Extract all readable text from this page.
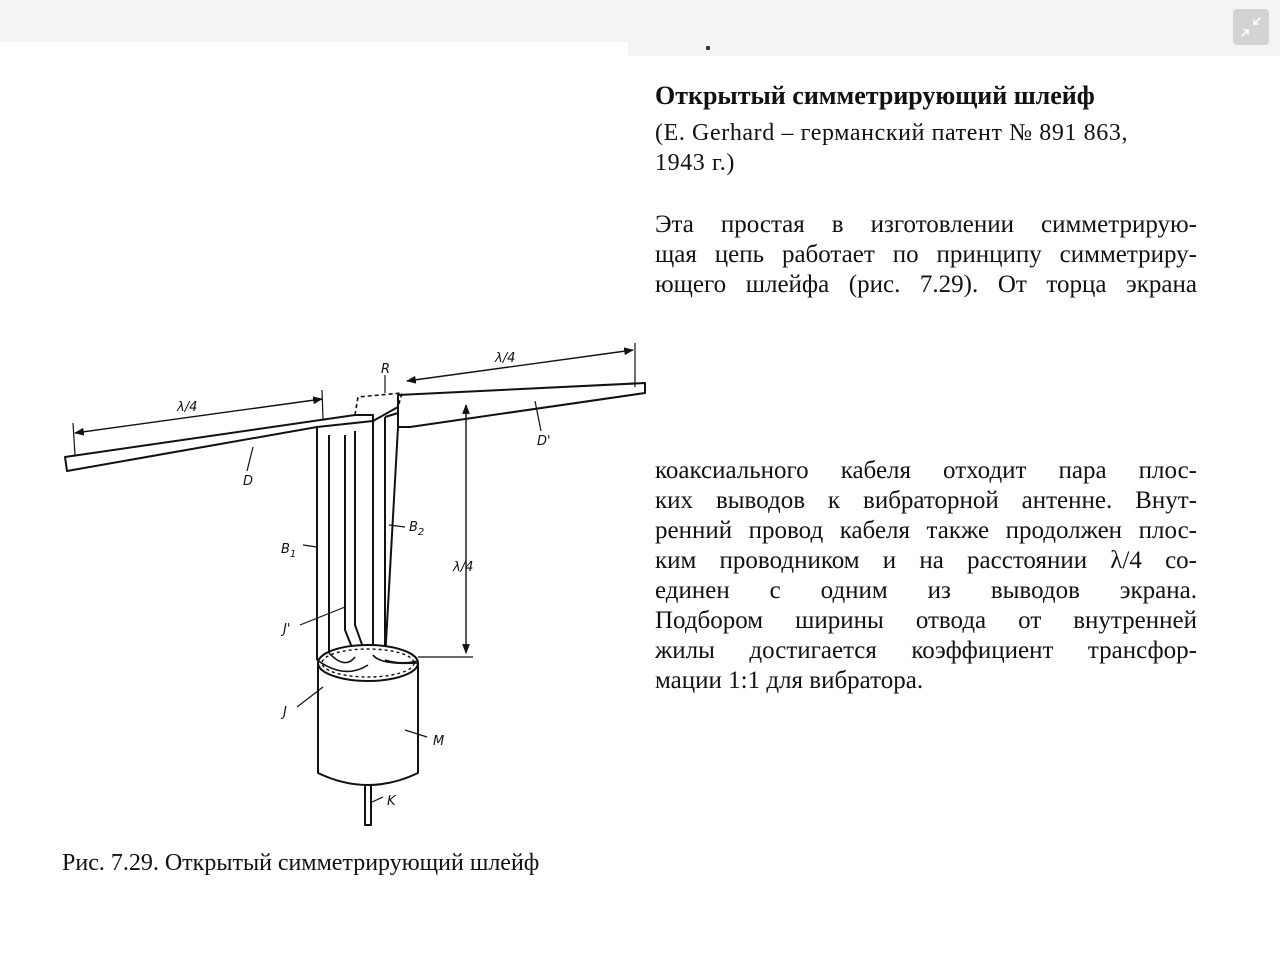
Открытый симметрирующий шлейф

(E. Gerhard – германский патент № 891 863,

1943 г.)

Эта простая в изготовлении симметрирую-

щая цепь работает по принципу симметриру-

ющего шлейфа (рис. 7.29). От торца экрана

коаксиального кабеля отходит пара плос-

ких выводов к вибраторной антенне. Внут-

ренний провод кабеля также продолжен плос-

ким проводником и на расстоянии λ/4 со-

единен с одним из выводов экрана.

Подбором ширины отвода от внутренней

жилы достигается коэффициент трансфор-

мации 1:1 для вибратора.

R
λ/4
λ/4
λ/4
D
D'
$B_1$
$B_2$
J'
J
M
K

Рис. 7.29. Открытый симметрирующий шлейф
